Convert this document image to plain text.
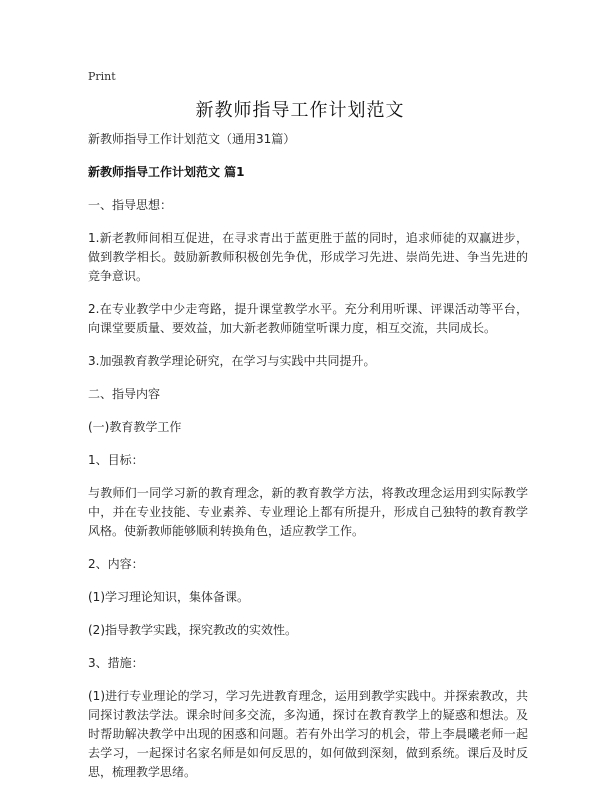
Print
新教师指导工作计划范文

新教师指导工作计划范文（通用31篇）

新教师指导工作计划范文 篇1

一、指导思想：

1.新老教师间相互促进，在寻求青出于蓝更胜于蓝的同时，追求师徒的双赢进步，做到教学相长。鼓励新教师积极创先争优，形成学习先进、崇尚先进、争当先进的竞争意识。

2.在专业教学中少走弯路，提升课堂教学水平。充分利用听课、评课活动等平台，向课堂要质量、要效益，加大新老教师随堂听课力度，相互交流，共同成长。

3.加强教育教学理论研究，在学习与实践中共同提升。

二、指导内容

(一)教育教学工作

1、目标：

与教师们一同学习新的教育理念，新的教育教学方法，将教改理念运用到实际教学中，并在专业技能、专业素养、专业理论上都有所提升，形成自己独特的教育教学风格。使新教师能够顺利转换角色，适应教学工作。

2、内容：

(1)学习理论知识，集体备课。

(2)指导教学实践，探究教改的实效性。

3、措施：

(1)进行专业理论的学习，学习先进教育理念，运用到教学实践中。并探索教改，共同探讨教法学法。课余时间多交流，多沟通，探讨在教育教学上的疑惑和想法。及时帮助解决教学中出现的困惑和问题。若有外出学习的机会，带上李晨曦老师一起去学习，一起探讨名家名师是如何反思的，如何做到深刻，做到系统。课后及时反思，梳理教学思绪。
